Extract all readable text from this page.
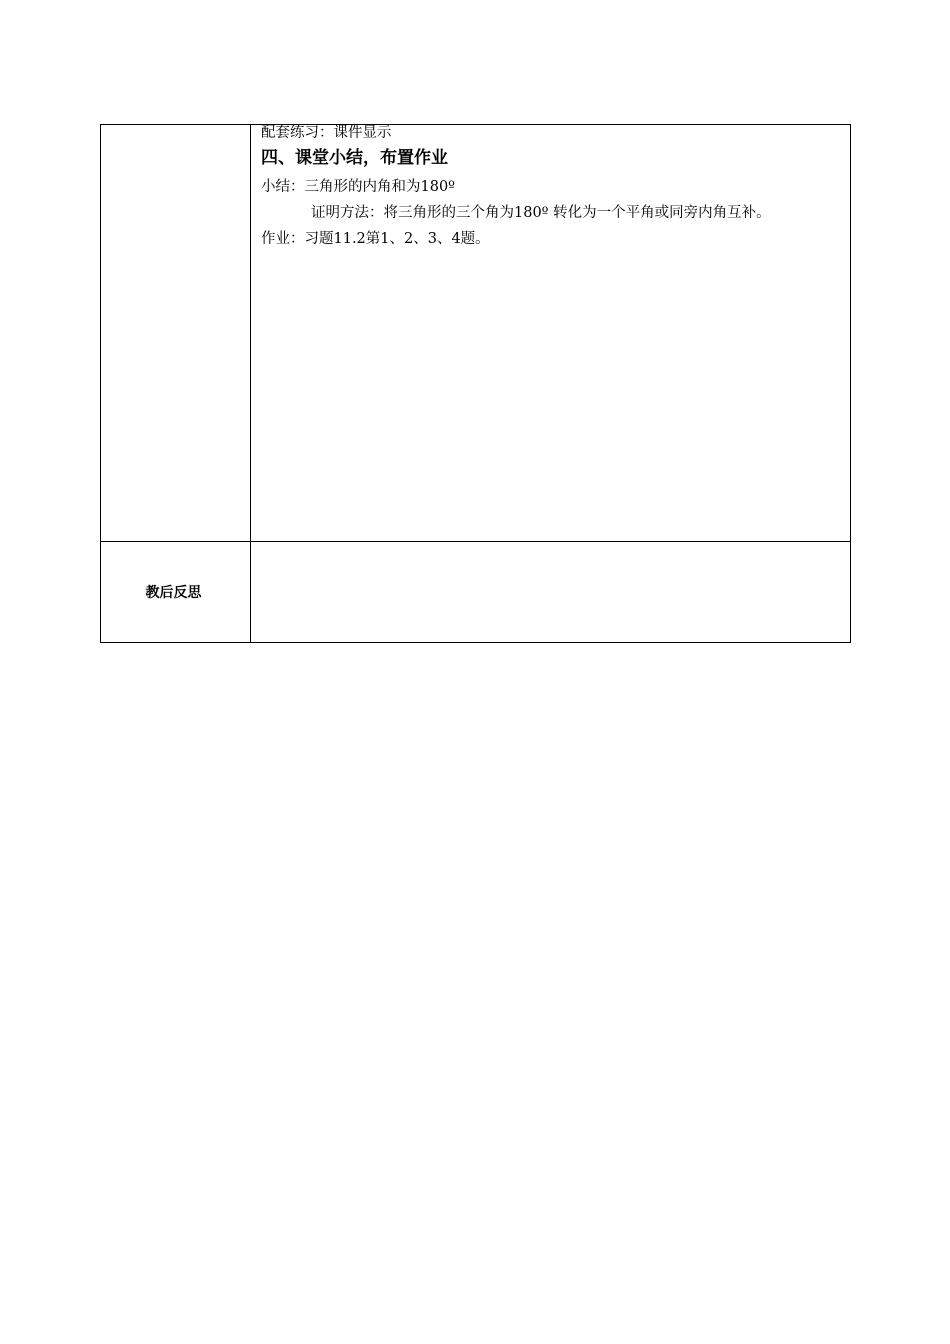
	配套练习：课件显示
四、课堂小结，布置作业
小结：三角形的内角和为180º
证明方法：将三角形的三个角为180º 转化为一个平角或同旁内角互补。
作业：习题11.2第1、2、3、4题。

教后反思	
